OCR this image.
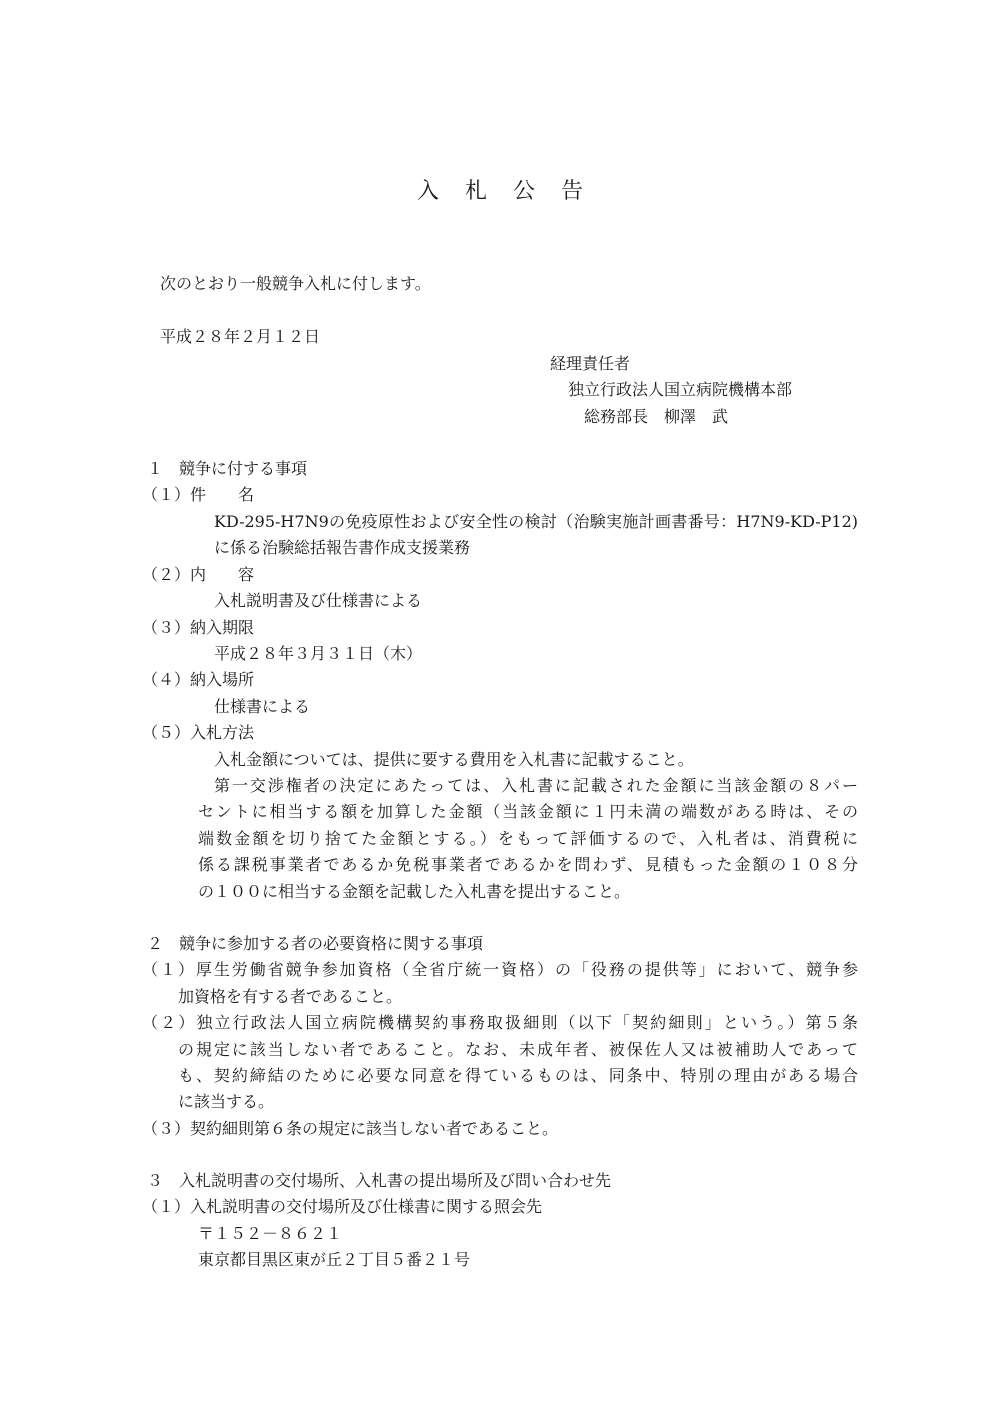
入 札 公 告
次のとおり一般競争入札に付します。
平成２８年２月１２日
経理責任者
独立行政法人国立病院機構本部
総務部長　柳澤　武
１　競争に付する事項
（１）件　　名
KD-295-H7N9の免疫原性および安全性の検討（治験実施計画書番号：H7N9-KD-P12)
に係る治験総括報告書作成支援業務
（２）内　　容
入札説明書及び仕様書による
（３）納入期限
平成２８年３月３１日（木）
（４）納入場所
仕様書による
（５）入札方法
入札金額については、提供に要する費用を入札書に記載すること。
第一交渉権者の決定にあたっては、入札書に記載された金額に当該金額の８パー
セントに相当する額を加算した金額（当該金額に１円未満の端数がある時は、その
端数金額を切り捨てた金額とする。）をもって評価するので、入札者は、消費税に
係る課税事業者であるか免税事業者であるかを問わず、見積もった金額の１０８分
の１００に相当する金額を記載した入札書を提出すること。
２　競争に参加する者の必要資格に関する事項
（１）厚生労働省競争参加資格（全省庁統一資格）の「役務の提供等」において、競争参
加資格を有する者であること。
（２）独立行政法人国立病院機構契約事務取扱細則（以下「契約細則」という。）第５条
の規定に該当しない者であること。なお、未成年者、被保佐人又は被補助人であって
も、契約締結のために必要な同意を得ているものは、同条中、特別の理由がある場合
に該当する。
（３）契約細則第６条の規定に該当しない者であること。
３　入札説明書の交付場所、入札書の提出場所及び問い合わせ先
（１）入札説明書の交付場所及び仕様書に関する照会先
〒１５２－８６２１
東京都目黒区東が丘２丁目５番２１号
